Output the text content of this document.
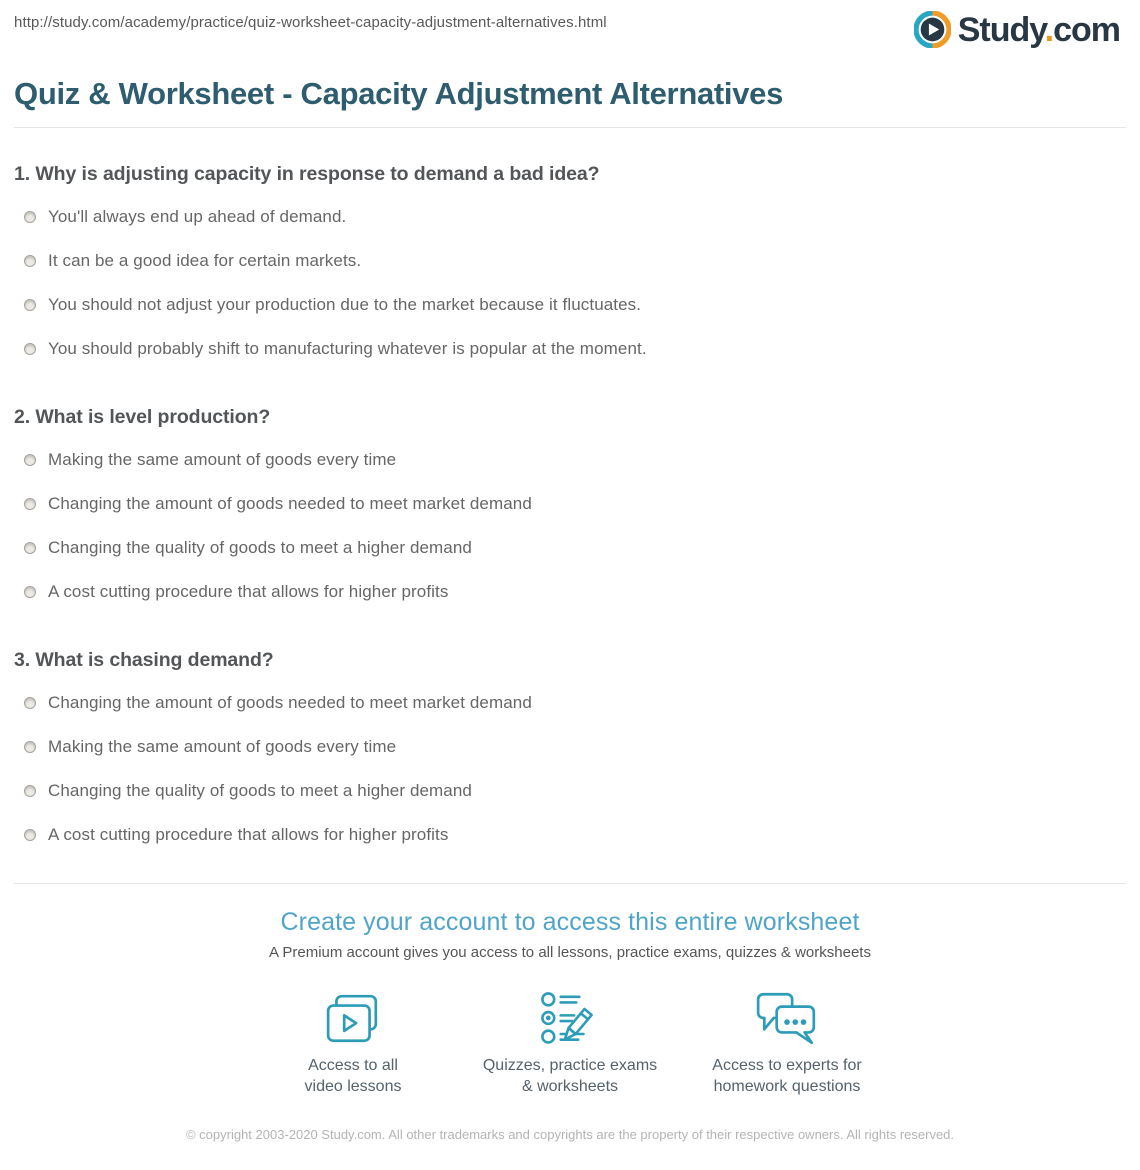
http://study.com/academy/practice/quiz-worksheet-capacity-adjustment-alternatives.html	Study.com
Quiz & Worksheet - Capacity Adjustment Alternatives
1. Why is adjusting capacity in response to demand a bad idea?
You'll always end up ahead of demand.
It can be a good idea for certain markets.
You should not adjust your production due to the market because it fluctuates.
You should probably shift to manufacturing whatever is popular at the moment.
2. What is level production?
Making the same amount of goods every time
Changing the amount of goods needed to meet market demand
Changing the quality of goods to meet a higher demand
A cost cutting procedure that allows for higher profits
3. What is chasing demand?
Changing the amount of goods needed to meet market demand
Making the same amount of goods every time
Changing the quality of goods to meet a higher demand
A cost cutting procedure that allows for higher profits
Create your account to access this entire worksheet

A Premium account gives you access to all lessons, practice exams, quizzes & worksheets

Access to all
video lessons
Quizzes, practice exams
& worksheets
Access to experts for
homework questions

© copyright 2003-2020 Study.com. All other trademarks and copyrights are the property of their respective owners. All rights reserved.
